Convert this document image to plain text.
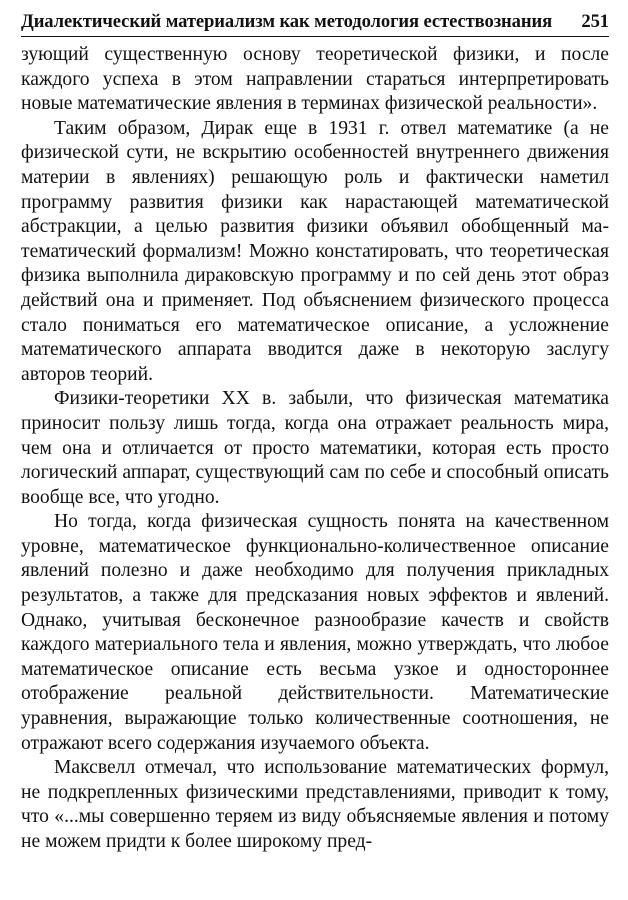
Диалектический материализм как методология естествознания 251

зующий существенную основу теоретической физики, и после каждого успеха в этом направлении стараться интерпретировать новые математические явления в терминах физической реальности».

Таким образом, Дирак еще в 1931 г. отвел математике (а не физической сути, не вскрытию особенностей внутреннего движения материи в явлениях) решающую роль и фактически наметил программу развития физики как нарастающей математической абстракции, а целью развития физики объявил обобщенный математический формализм! Можно констатировать, что теоретическая физика выполнила дираковскую программу и по сей день этот образ действий она и применяет. Под объяснением физического процесса стало пониматься его математическое описание, а усложнение математического аппарата вводится даже в некоторую заслугу авторов теорий.

Физики-теоретики XX в. забыли, что физическая математика приносит пользу лишь тогда, когда она отражает реальность мира, чем она и отличается от просто математики, которая есть просто логический аппарат, существующий сам по себе и способный описать вообще все, что угодно.

Но тогда, когда физическая сущность понята на качественном уровне, математическое функционально-количественное описание явлений полезно и даже необходимо для получения прикладных результатов, а также для предсказания новых эффектов и явлений. Однако, учитывая бесконечное разнообразие качеств и свойств каждого материального тела и явления, можно утверждать, что любое математическое описание есть весьма узкое и одностороннее отображение реальной действительности. Математические уравнения, выражающие только количественные соотношения, не отражают всего содержания изучаемого объекта.

Максвелл отмечал, что использование математических формул, не подкрепленных физическими представлениями, приводит к тому, что «...мы совершенно теряем из виду объясняемые явления и потому не можем придти к более широкому пред-
